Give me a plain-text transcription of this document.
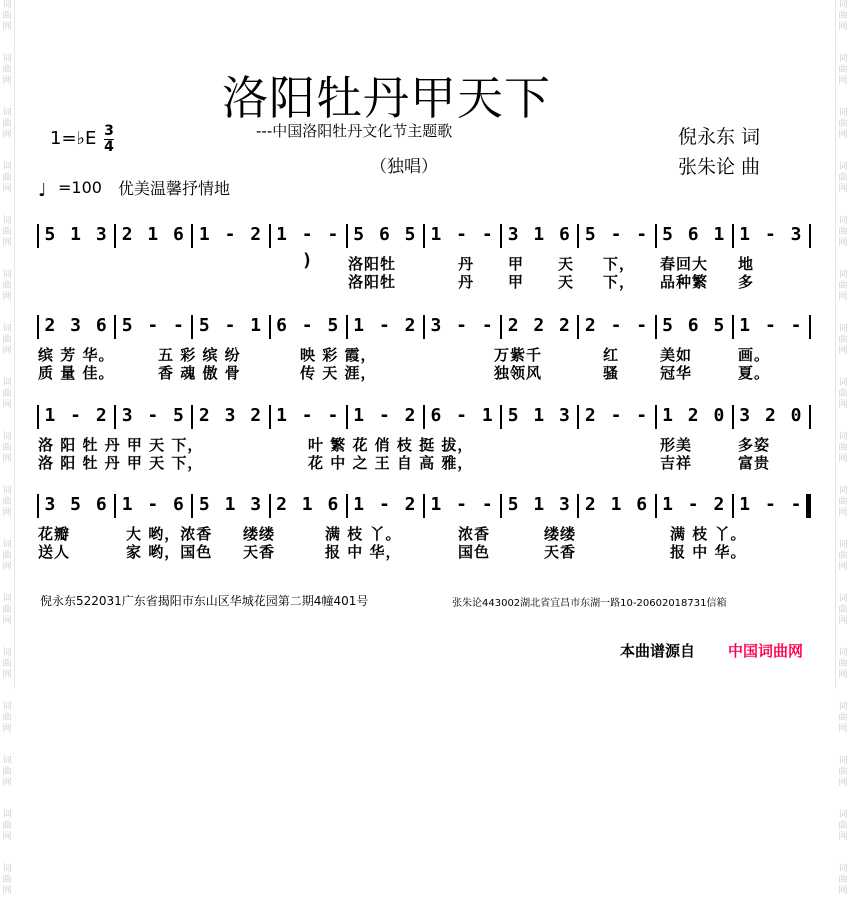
词
曲
网
词
曲
网
词
曲
网
词
曲
网
词
曲
网
词
曲
网
词
曲
网
词
曲
网
词
曲
网
词
曲
网
词
曲
网
词
曲
网
词
曲
网
词
曲
网
词
曲
网
词
曲
网
词
曲
网
词
曲
网
词
曲
网
词
曲
网
词
曲
网
词
曲
网
词
曲
网
词
曲
网
词
曲
网
词
曲
网
词
曲
网
词
曲
网
词
曲
网
词
曲
网
词
曲
网
词
曲
网
词
曲
网
词
曲
网
洛阳牡丹甲天下
---中国洛阳牡丹文化节主题歌
（独唱）
倪永东 词
张朱论 曲
1=♭E 3
4
♩ =100 优美温馨抒情地
5 1 3 2 1 6 1 - 2 1 - - )
5 6 5 1 - - 3 1 6 5 - - 5 6 1 1 - 3
洛阳牡	丹 甲 天 下， 春回大 地
洛阳牡	丹 甲 天 下， 品种繁 多
2 3 6 5 - - 5 - 1 6 - 5 1 - 2 3 - - 2 2 2 2 - - 5 6 5 1 - -
缤 芳 华。	五 彩 缤 纷	映 彩 霞，	万紫千	红	美如	画。
质 量 佳。	香 魂 傲 骨	传 天 涯，	独领风	骚	冠华	夏。
1 - 2 3 - 5 2 3 2 1 - - 1 - 2 6 - 1 5 1 3 2 - - 1 2 0 3 2 0
洛 阳 牡 丹 甲 天 下，	叶 繁 花 俏 枝 挺 拔，	形美	多姿
洛 阳 牡 丹 甲 天 下，	花 中 之 王 自 高 雅，	吉祥	富贵
3 5 6 1 - 6 5 1 3 2 1 6 1 - 2 1 - - 5 1 3 2 1 6 1 - 2 1 - -
花瓣	大 哟，浓香 缕缕	满 枝 丫。	浓香	缕缕	满 枝 丫。
送人	家 哟，国色 天香	报 中 华，	国色	天香	报 中 华。
倪永东522031广东省揭阳市东山区华城花园第二期4幢401号	张朱论443002湖北省宜昌市东湖一路10-20602018731信箱
本曲谱源自 中国词曲网
